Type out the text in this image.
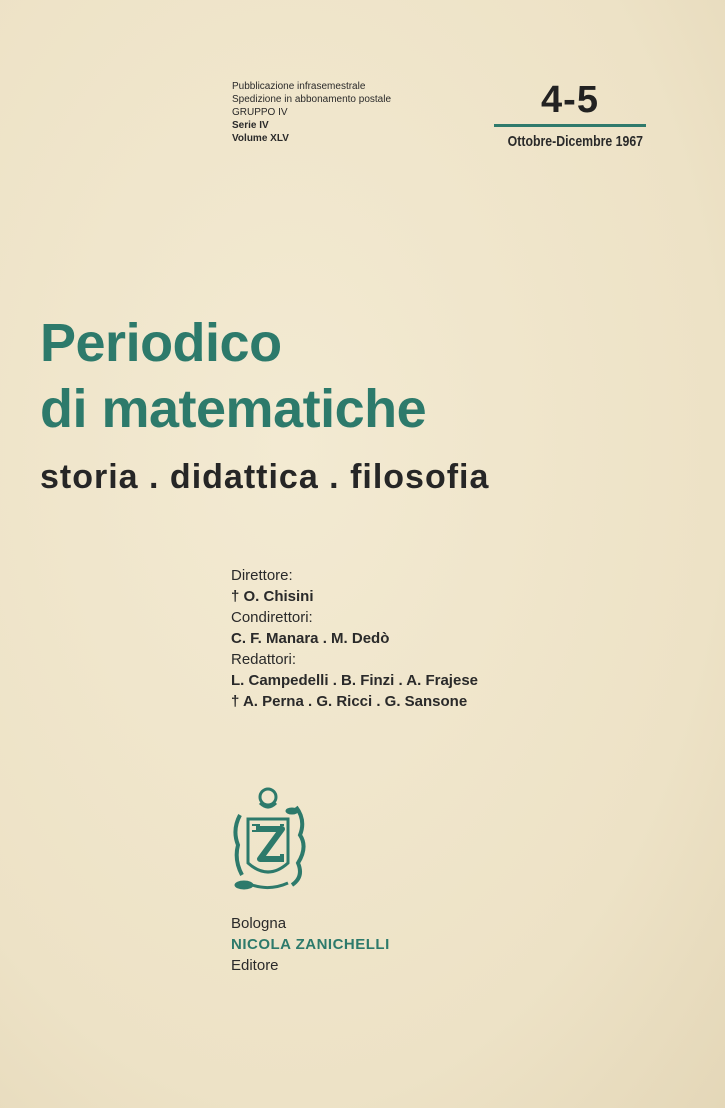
Pubblicazione infrasemestrale
Spedizione in abbonamento postale
GRUPPO IV
Serie IV
Volume XLV
4-5
Ottobre-Dicembre 1967
Periodico
di matematiche
storia . didattica . filosofia
Direttore:
† O. Chisini
Condirettori:
C. F. Manara . M. Dedò
Redattori:
L. Campedelli . B. Finzi . A. Frajese
† A. Perna . G. Ricci . G. Sansone
Bologna
NICOLA ZANICHELLI
Editore
